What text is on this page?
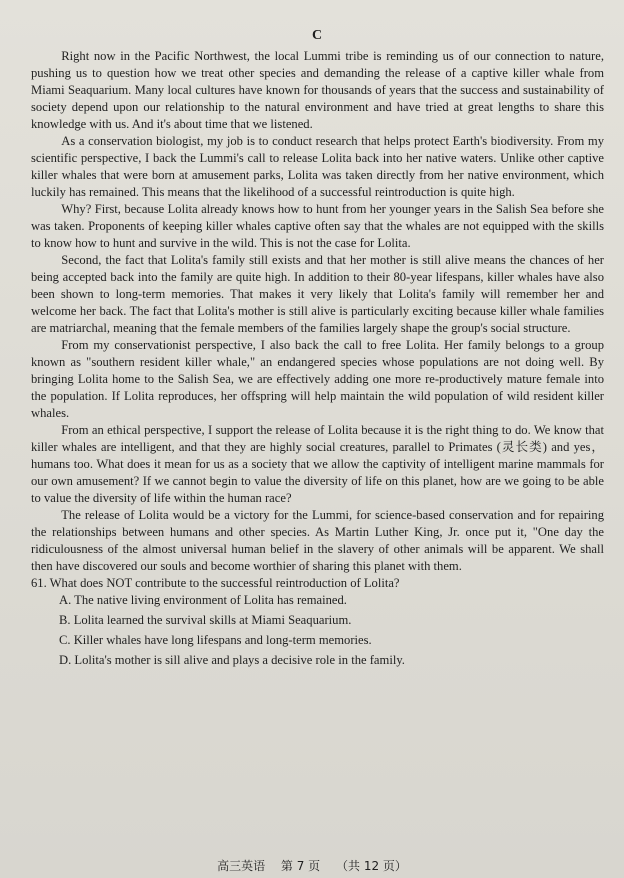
C

Right now in the Pacific Northwest, the local Lummi tribe is reminding us of our connection to nature, pushing us to question how we treat other species and demanding the release of a captive killer whale from Miami Seaquarium. Many local cultures have known for thousands of years that the success and sustainability of society depend upon our relationship to the natural environment and have tried at great lengths to share this knowledge with us. And it's about time that we listened.

As a conservation biologist, my job is to conduct research that helps protect Earth's biodiversity. From my scientific perspective, I back the Lummi's call to release Lolita back into her native waters. Unlike other captive killer whales that were born at amusement parks, Lolita was taken directly from her native environment, which luckily has remained. This means that the likelihood of a successful reintroduction is quite high.

Why? First, because Lolita already knows how to hunt from her younger years in the Salish Sea before she was taken. Proponents of keeping killer whales captive often say that the whales are not equipped with the skills to know how to hunt and survive in the wild. This is not the case for Lolita.

Second, the fact that Lolita's family still exists and that her mother is still alive means the chances of her being accepted back into the family are quite high. In addition to their 80-year lifespans, killer whales have also been shown to long-term memories. That makes it very likely that Lolita's family will remember her and welcome her back. The fact that Lolita's mother is still alive is particularly exciting because killer whale families are matriarchal, meaning that the female members of the families largely shape the group's social structure.

From my conservationist perspective, I also back the call to free Lolita. Her family belongs to a group known as "southern resident killer whale," an endangered species whose populations are not doing well. By bringing Lolita home to the Salish Sea, we are effectively adding one more re-productively mature female into the population. If Lolita reproduces, her offspring will help maintain the wild population of wild resident killer whales.

From an ethical perspective, I support the release of Lolita because it is the right thing to do. We know that killer whales are intelligent, and that they are highly social creatures, parallel to Primates (灵长类) and yes，humans too. What does it mean for us as a society that we allow the captivity of intelligent marine mammals for our own amusement? If we cannot begin to value the diversity of life on this planet, how are we going to be able to value the diversity of life within the human race?

The release of Lolita would be a victory for the Lummi, for science-based conservation and for repairing the relationships between humans and other species. As Martin Luther King, Jr. once put it, "One day the ridiculousness of the almost universal human belief in the slavery of other animals will be apparent. We shall then have discovered our souls and become worthier of sharing this planet with them.

61. What does NOT contribute to the successful reintroduction of Lolita?

A. The native living environment of Lolita has remained.

B. Lolita learned the survival skills at Miami Seaquarium.

C. Killer whales have long lifespans and long-term memories.

D. Lolita's mother is sill alive and plays a decisive role in the family.

高三英语 第 7 页 （共 12 页）
